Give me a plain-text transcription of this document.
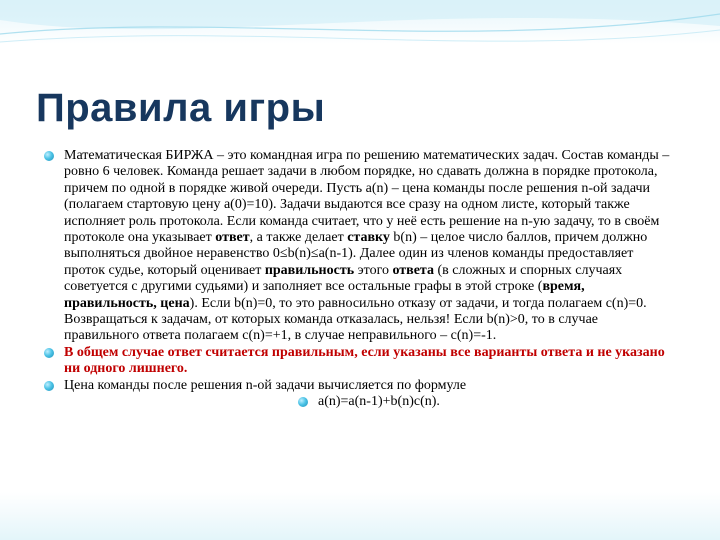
Правила игры
Математическая БИРЖА – это командная игра по решению математических задач. Состав команды – ровно 6 человек. Команда решает задачи в любом порядке, но сдавать должна в порядке протокола, причем по одной в порядке живой очереди. Пусть a(n) – цена команды после решения n-ой задачи (полагаем стартовую цену a(0)=10). Задачи выдаются все сразу на одном листе, который также исполняет роль протокола. Если команда считает, что у неё есть решение на n-ую задачу, то в своём протоколе она указывает ответ, а также делает ставку b(n) – целое число баллов, причем должно выполняться двойное неравенство 0≤b(n)≤a(n-1). Далее один из членов команды предоставляет проток судье, который оценивает правильность этого ответа (в сложных и спорных случаях советуется с другими судьями) и заполняет все остальные графы в этой строке (время, правильность, цена). Если b(n)=0, то это равносильно отказу от задачи, и тогда полагаем c(n)=0. Возвращаться к задачам, от которых команда отказалась, нельзя! Если b(n)>0, то в случае правильного ответа полагаем c(n)=+1, в случае неправильного – c(n)=-1.
В общем случае ответ считается правильным, если указаны все варианты ответа и не указано ни одного лишнего.
Цена команды после решения n-ой задачи вычисляется по формуле
a(n)=a(n-1)+b(n)c(n).
